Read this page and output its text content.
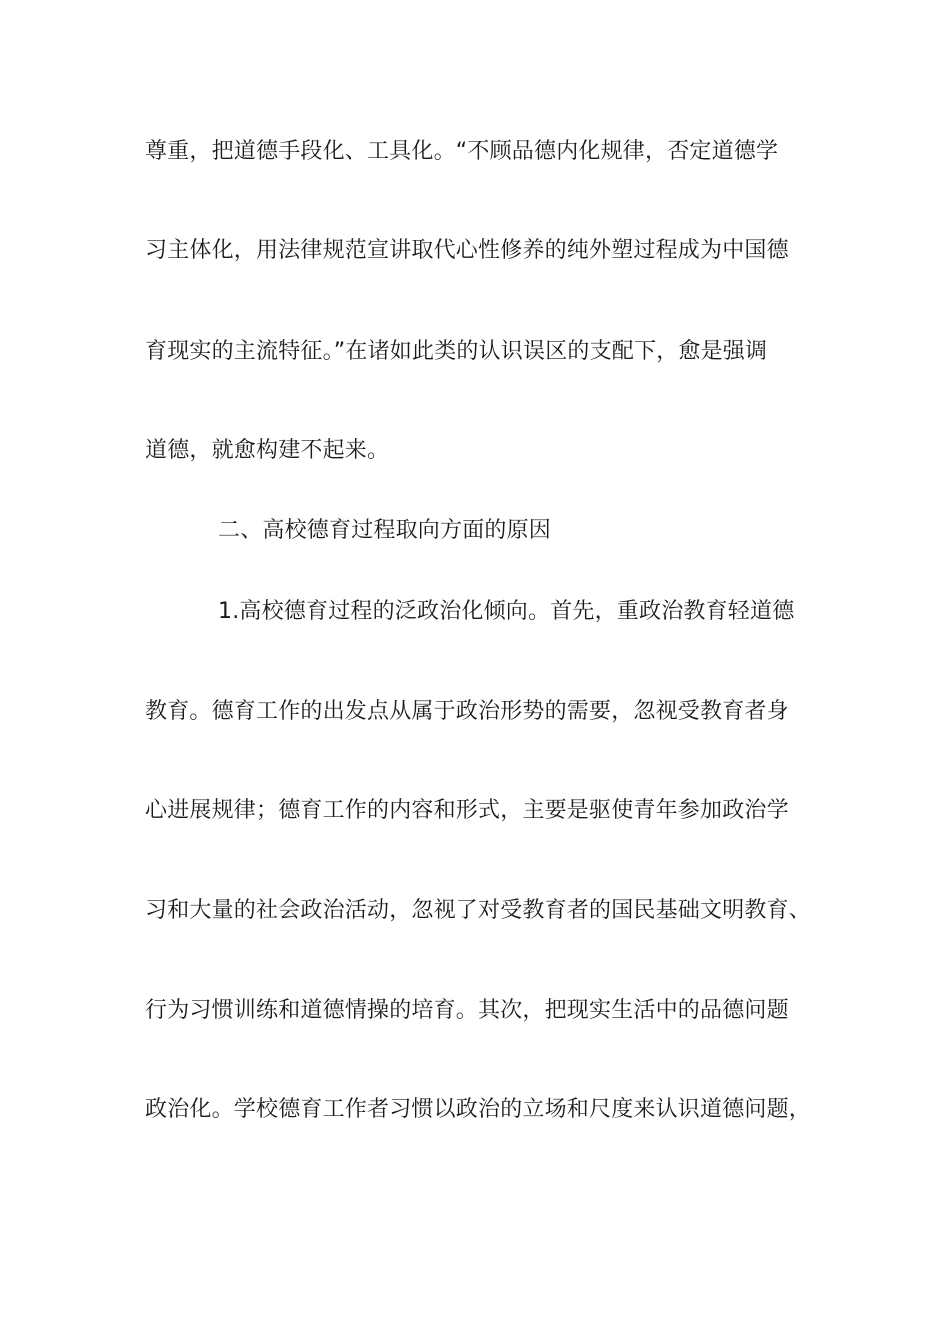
尊重，把道德手段化、工具化。“不顾品德内化规律，否定道德学
习主体化，用法律规范宣讲取代心性修养的纯外塑过程成为中国德
育现实的主流特征。”在诸如此类的认识误区的支配下，愈是强调
道德，就愈构建不起来。
二、高校德育过程取向方面的原因
1.高校德育过程的泛政治化倾向。首先，重政治教育轻道德
教育。德育工作的出发点从属于政治形势的需要，忽视受教育者身
心进展规律；德育工作的内容和形式，主要是驱使青年参加政治学
习和大量的社会政治活动，忽视了对受教育者的国民基础文明教育、
行为习惯训练和道德情操的培育。其次，把现实生活中的品德问题
政治化。学校德育工作者习惯以政治的立场和尺度来认识道德问题，
